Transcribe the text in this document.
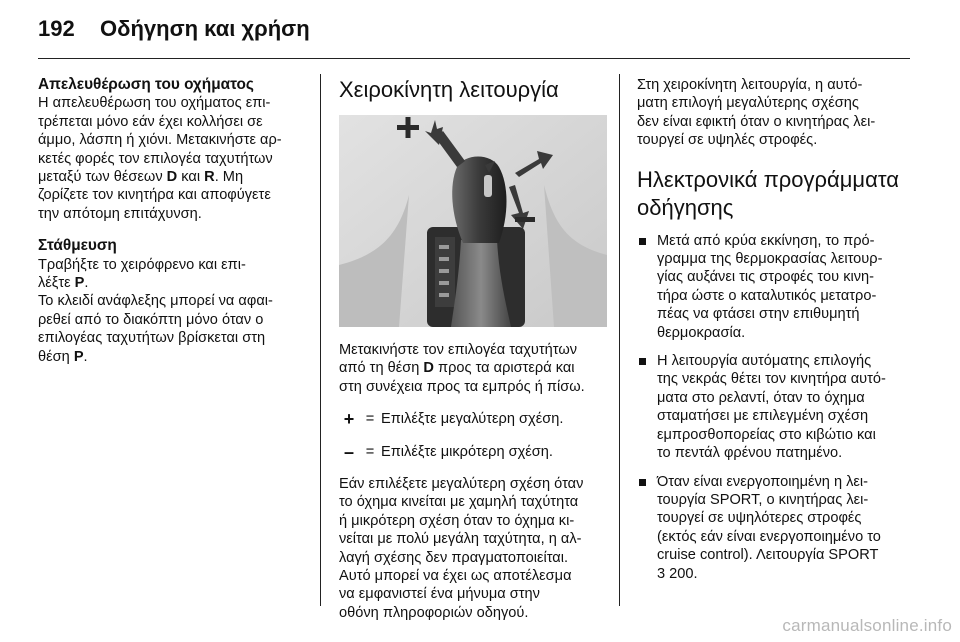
192 Οδήγηση και χρήση
Απελευθέρωση του οχήματος

Η απελευθέρωση του οχήματος επι-
τρέπεται μόνο εάν έχει κολλήσει σε
άμμο, λάσπη ή χιόνι. Μετακινήστε αρ-
κετές φορές τον επιλογέα ταχυτήτων
μεταξύ των θέσεων D και R. Μη
ζορίζετε τον κινητήρα και αποφύγετε
την απότομη επιτάχυνση.

Στάθμευση

Τραβήξτε το χειρόφρενο και επι-
λέξτε P.

Το κλειδί ανάφλεξης μπορεί να αφαι-
ρεθεί από το διακόπτη μόνο όταν ο
επιλογέας ταχυτήτων βρίσκεται στη
θέση P.

Χειροκίνητη λειτουργία

Μετακινήστε τον επιλογέα ταχυτήτων
από τη θέση D προς τα αριστερά και
στη συνέχεια προς τα εμπρός ή πίσω.

+ = Επιλέξτε μεγαλύτερη σχέση.
– = Επιλέξτε μικρότερη σχέση.

Εάν επιλέξετε μεγαλύτερη σχέση όταν
το όχημα κινείται με χαμηλή ταχύτητα
ή μικρότερη σχέση όταν το όχημα κι-
νείται με πολύ μεγάλη ταχύτητα, η αλ-
λαγή σχέσης δεν πραγματοποιείται.
Αυτό μπορεί να έχει ως αποτέλεσμα
να εμφανιστεί ένα μήνυμα στην
οθόνη πληροφοριών οδηγού.

Στη χειροκίνητη λειτουργία, η αυτό-
ματη επιλογή μεγαλύτερης σχέσης
δεν είναι εφικτή όταν ο κινητήρας λει-
τουργεί σε υψηλές στροφές.

Ηλεκτρονικά προγράμματα
οδήγησης
Μετά από κρύα εκκίνηση, το πρό-
γραμμα της θερμοκρασίας λειτουρ-
γίας αυξάνει τις στροφές του κινη-
τήρα ώστε ο καταλυτικός μετατρο-
πέας να φτάσει στην επιθυμητή
θερμοκρασία.
Η λειτουργία αυτόματης επιλογής
της νεκράς θέτει τον κινητήρα αυτό-
ματα στο ρελαντί, όταν το όχημα
σταματήσει με επιλεγμένη σχέση
εμπροσθοπορείας στο κιβώτιο και
το πεντάλ φρένου πατημένο.
Όταν είναι ενεργοποιημένη η λει-
τουργία SPORT, ο κινητήρας λει-
τουργεί σε υψηλότερες στροφές
(εκτός εάν είναι ενεργοποιημένο το
cruise control). Λειτουργία SPORT
3 200.
carmanualsonline.info
